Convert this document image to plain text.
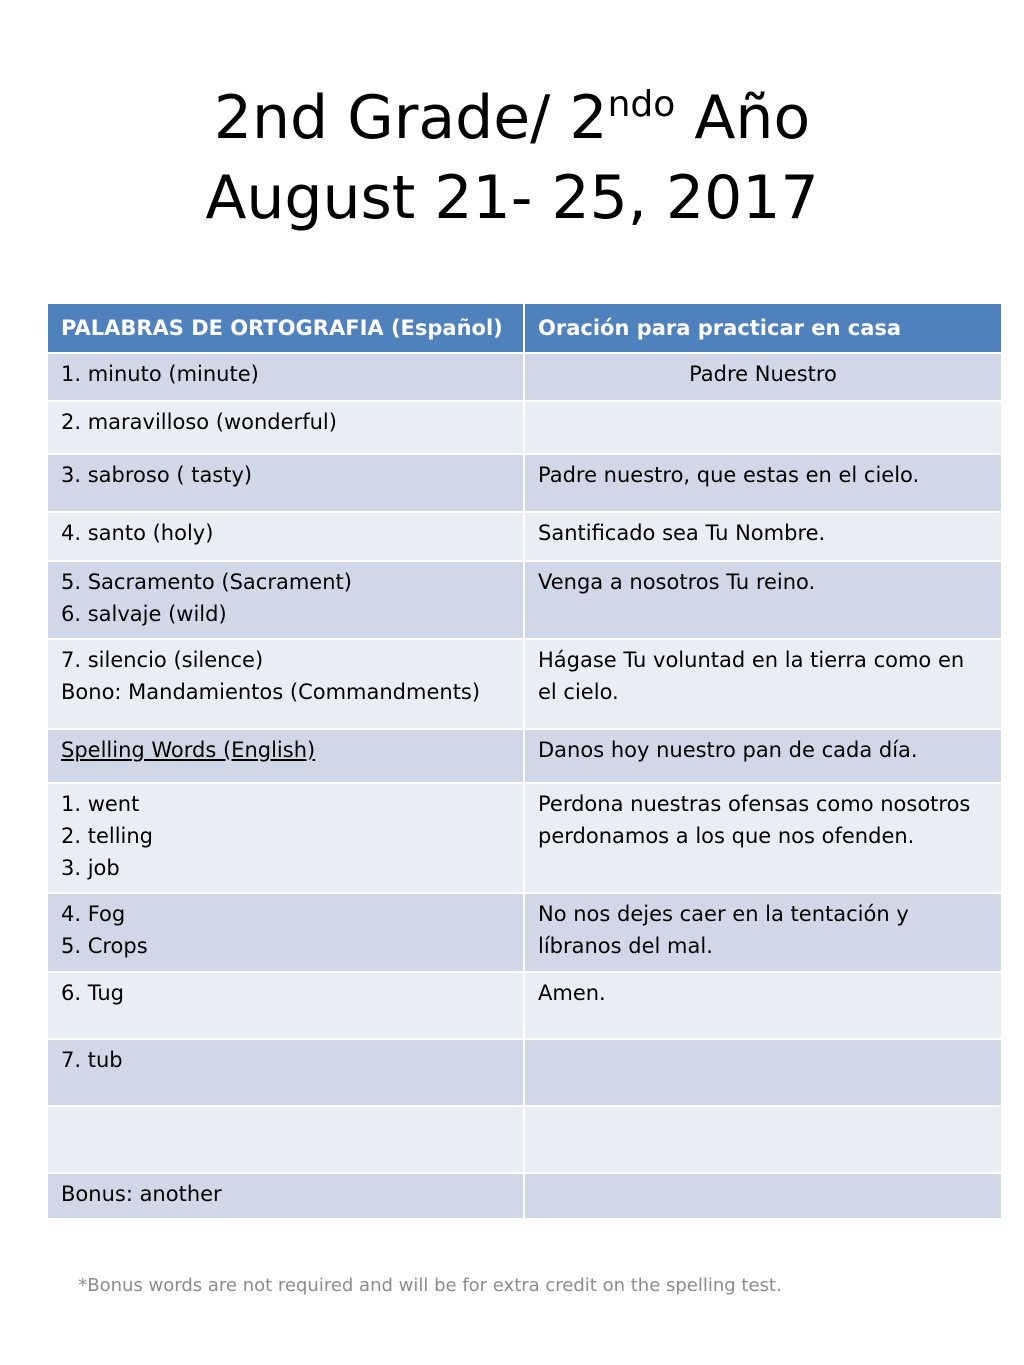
2nd Grade/ $2^{ndo}$ Año
August 21- 25, 2017
PALABRAS DE ORTOGRAFIA (Español)	Oración para practicar en casa

1. minuto (minute)	Padre Nuestro

2. maravilloso (wonderful)	

3. sabroso ( tasty)	Padre nuestro, que estas en el cielo.

4. santo (holy)	Santificado sea Tu Nombre.

5. Sacramento (Sacrament)
6. salvaje (wild)	Venga a nosotros Tu reino.

7. silencio (silence)
Bono: Mandamientos (Commandments)	Hágase Tu voluntad en la tierra como en
el cielo.

Spelling Words (English)	Danos hoy nuestro pan de cada día.

1. went
2. telling
3. job	Perdona nuestras ofensas como nosotros
perdonamos a los que nos ofenden.

4. Fog
5. Crops	No nos dejes caer en la tentación y
líbranos del mal.

6. Tug	Amen.

7. tub	

Bonus: another	

*Bonus words are not required and will be for extra credit on the spelling test.
